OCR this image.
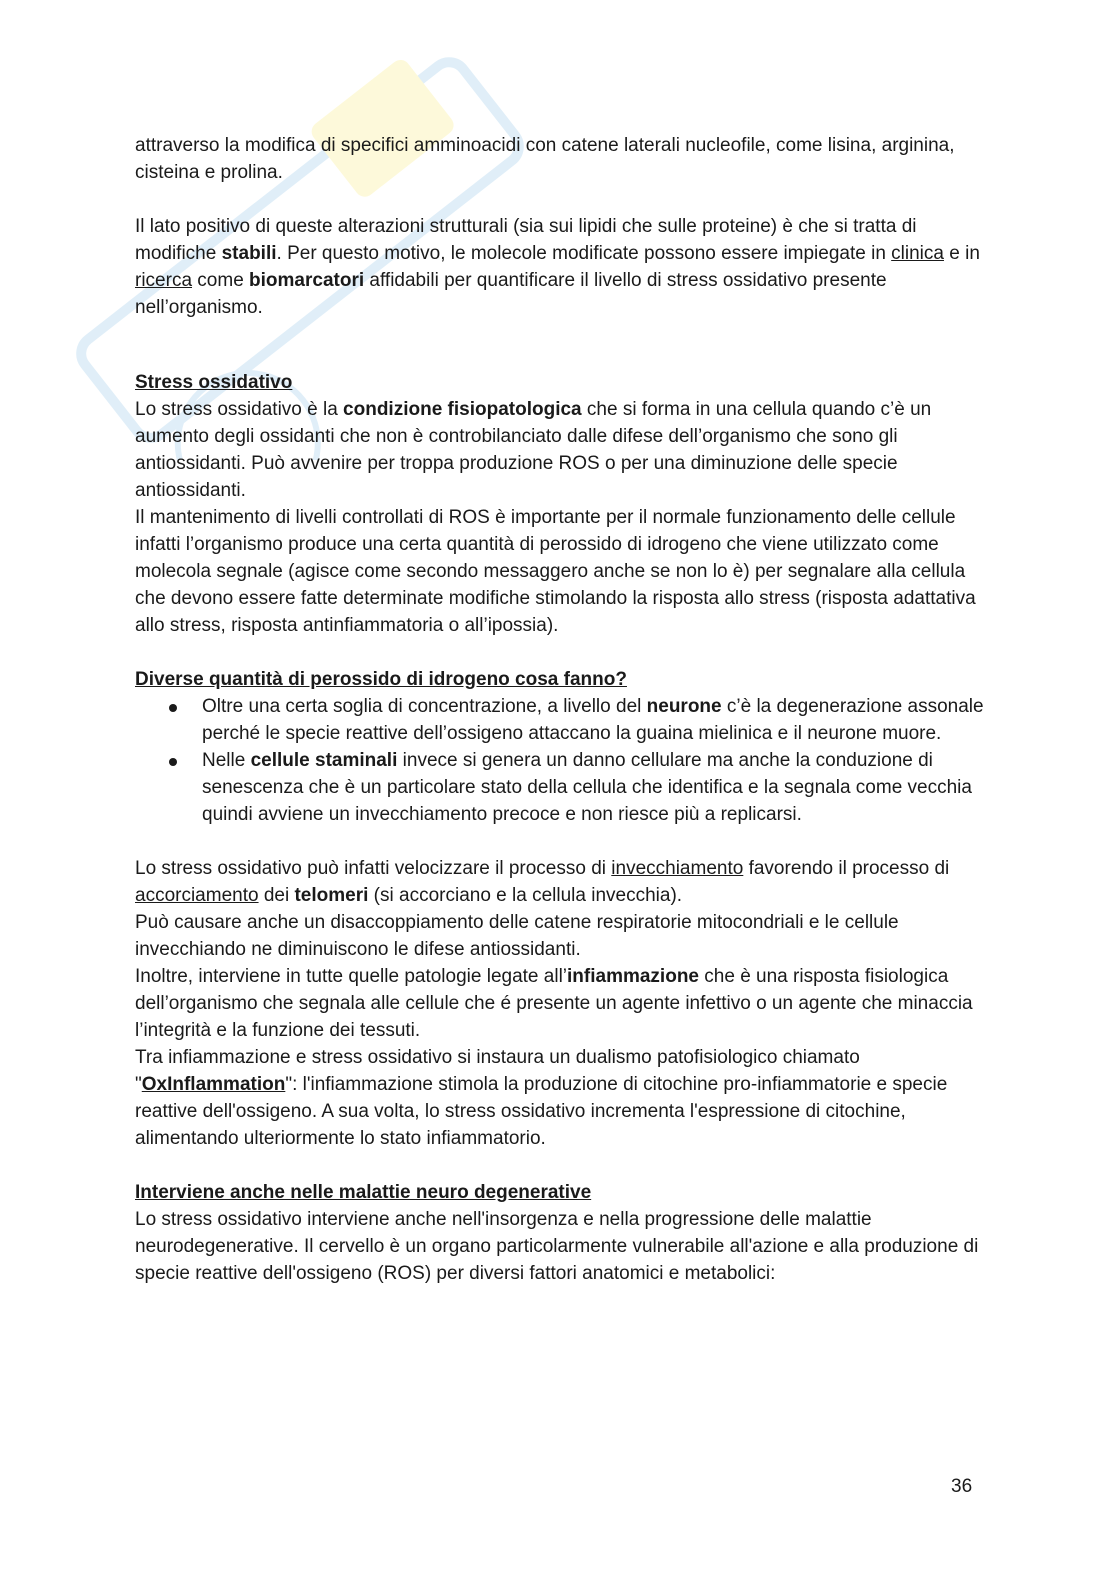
attraverso la modifica di specifici amminoacidi con catene laterali nucleofile, come lisina, arginina, cisteina e prolina.

Il lato positivo di queste alterazioni strutturali (sia sui lipidi che sulle proteine) è che si tratta di modifiche stabili. Per questo motivo, le molecole modificate possono essere impiegate in clinica e in ricerca come biomarcatori affidabili per quantificare il livello di stress ossidativo presente nell’organismo.

Stress ossidativo

Lo stress ossidativo è la condizione fisiopatologica che si forma in una cellula quando c’è un aumento degli ossidanti che non è controbilanciato dalle difese dell’organismo che sono gli antiossidanti. Può avvenire per troppa produzione ROS o per una diminuzione delle specie antiossidanti.

Il mantenimento di livelli controllati di ROS è importante per il normale funzionamento delle cellule infatti l’organismo produce una certa quantità di perossido di idrogeno che viene utilizzato come molecola segnale (agisce come secondo messaggero anche se non lo è) per segnalare alla cellula che devono essere fatte determinate modifiche stimolando la risposta allo stress (risposta adattativa allo stress, risposta antinfiammatoria o all’ipossia).

Diverse quantità di perossido di idrogeno cosa fanno?

Oltre una certa soglia di concentrazione, a livello del neurone c’è la degenerazione assonale perché le specie reattive dell’ossigeno attaccano la guaina mielinica e il neurone muore.
Nelle cellule staminali invece si genera un danno cellulare ma anche la conduzione di senescenza che è un particolare stato della cellula che identifica e la segnala come vecchia quindi avviene un invecchiamento precoce e non riesce più a replicarsi.

Lo stress ossidativo può infatti velocizzare il processo di invecchiamento favorendo il processo di accorciamento dei telomeri (si accorciano e la cellula invecchia).

Può causare anche un disaccoppiamento delle catene respiratorie mitocondriali e le cellule invecchiando ne diminuiscono le difese antiossidanti.

Inoltre, interviene in tutte quelle patologie legate all’infiammazione che è una risposta fisiologica dell’organismo che segnala alle cellule che é presente un agente infettivo o un agente che minaccia l’integrità e la funzione dei tessuti.

Tra infiammazione e stress ossidativo si instaura un dualismo patofisiologico chiamato "OxInflammation": l'infiammazione stimola la produzione di citochine pro-infiammatorie e specie reattive dell'ossigeno. A sua volta, lo stress ossidativo incrementa l'espressione di citochine, alimentando ulteriormente lo stato infiammatorio.

Interviene anche nelle malattie neuro degenerative

Lo stress ossidativo interviene anche nell'insorgenza e nella progressione delle malattie neurodegenerative. Il cervello è un organo particolarmente vulnerabile all'azione e alla produzione di specie reattive dell'ossigeno (ROS) per diversi fattori anatomici e metabolici:

36
